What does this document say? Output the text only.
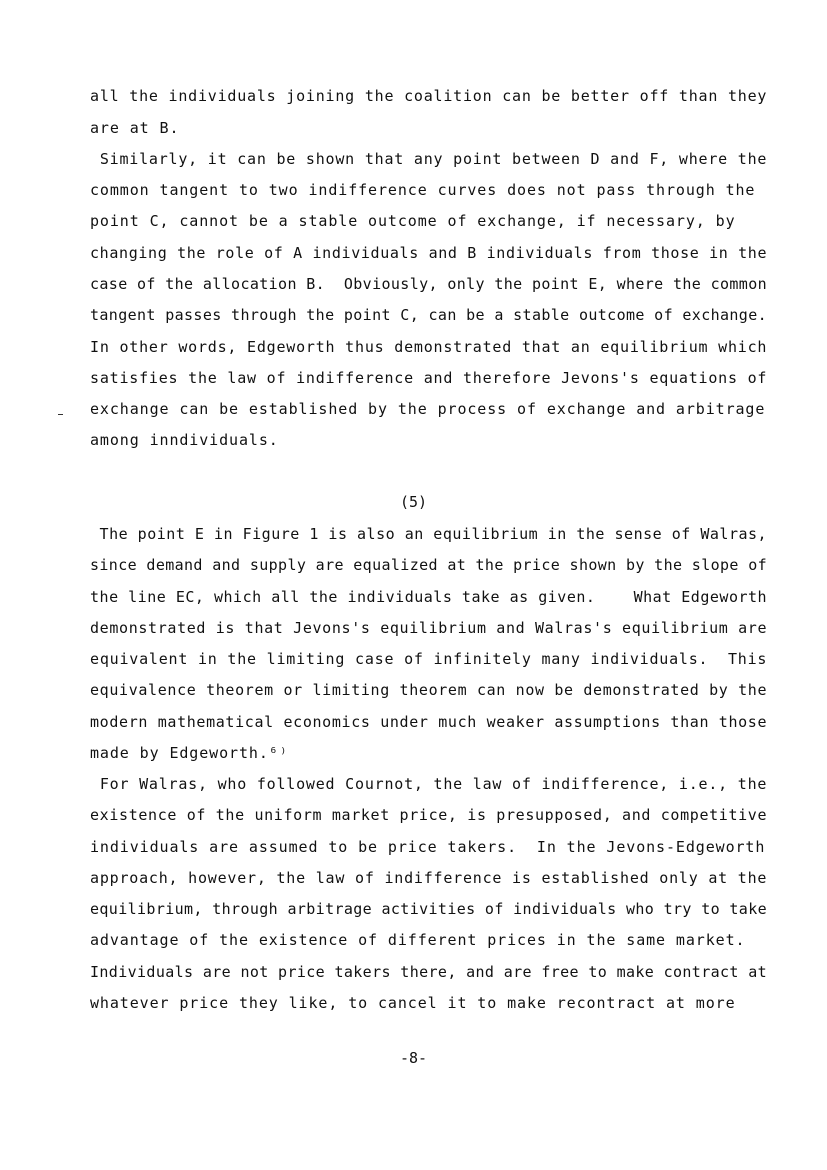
all the individuals joining the coalition can be better off than they
are at B.
Similarly, it can be shown that any point between D and F, where the
common tangent to two indifference curves does not pass through the
point C, cannot be a stable outcome of exchange, if necessary, by
changing the role of A individuals and B individuals from those in the
case of the allocation B.  Obviously, only the point E, where the common
tangent passes through the point C, can be a stable outcome of exchange.
In other words, Edgeworth thus demonstrated that an equilibrium which
satisfies the law of indifference and therefore Jevons's equations of
exchange can be established by the process of exchange and arbitrage
among inndividuals.
(5)
The point E in Figure 1 is also an equilibrium in the sense of Walras,
since demand and supply are equalized at the price shown by the slope of
the line EC, which all the individuals take as given.    What Edgeworth
demonstrated is that Jevons's equilibrium and Walras's equilibrium are
equivalent in the limiting case of infinitely many individuals.  This
equivalence theorem or limiting theorem can now be demonstrated by the
modern mathematical economics under much weaker assumptions than those
made by Edgeworth.⁶⁾
For Walras, who followed Cournot, the law of indifference, i.e., the
existence of the uniform market price, is presupposed, and competitive
individuals are assumed to be price takers.  In the Jevons-Edgeworth
approach, however, the law of indifference is established only at the
equilibrium, through arbitrage activities of individuals who try to take
advantage of the existence of different prices in the same market.
Individuals are not price takers there, and are free to make contract at
whatever price they like, to cancel it to make recontract at more
-8-
